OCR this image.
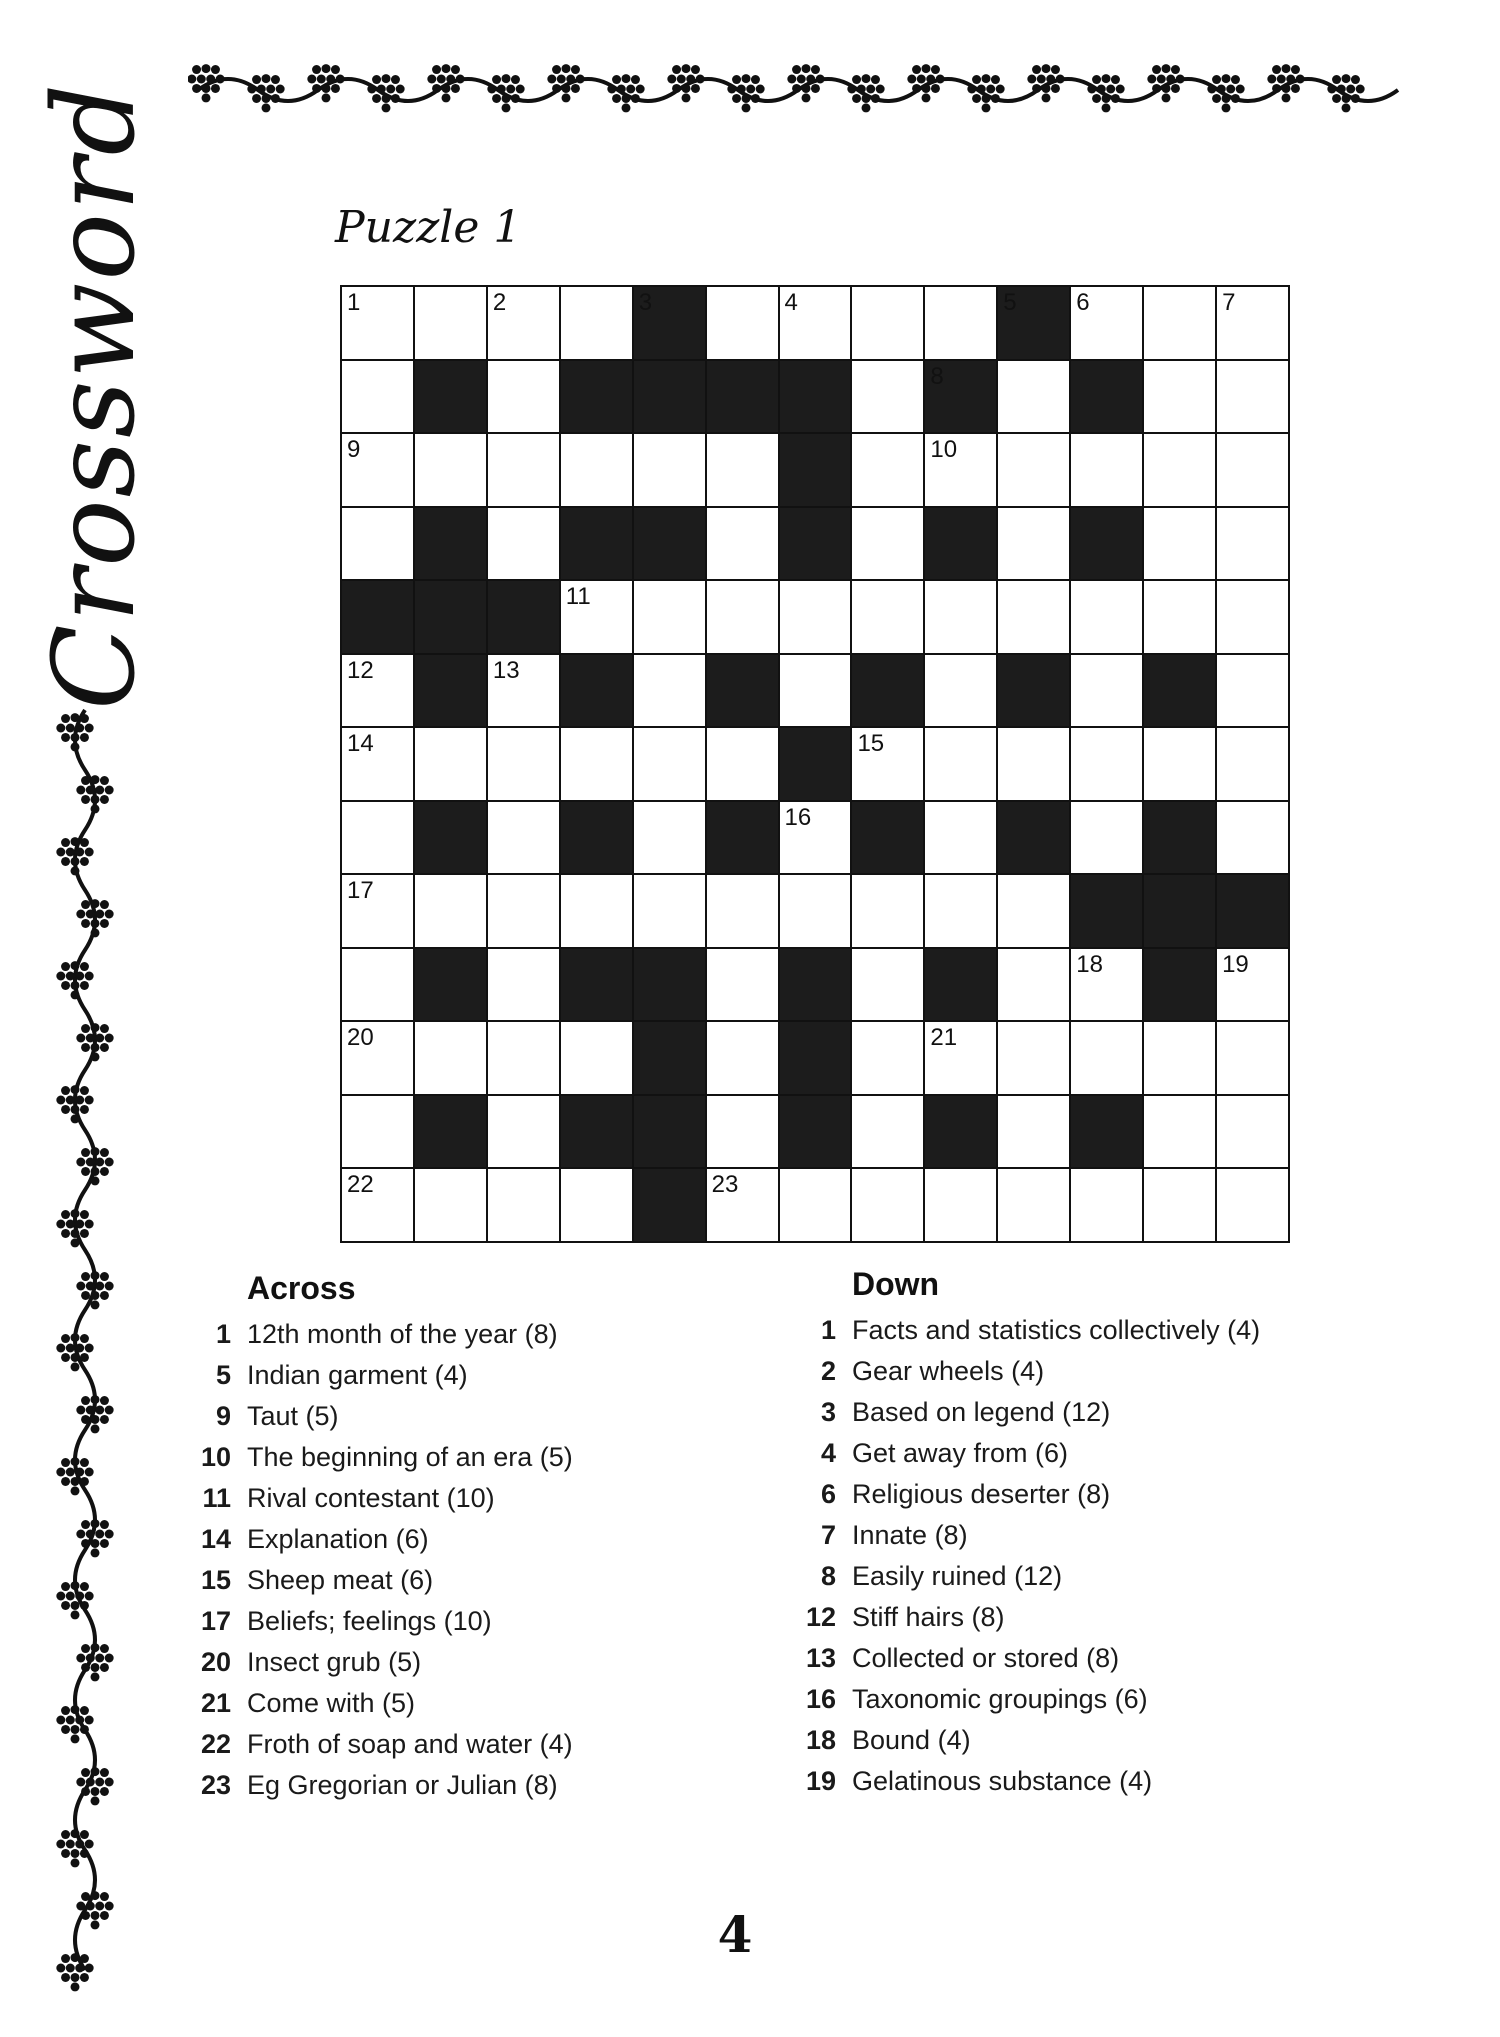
Crossword	Puzzle 1
1	2	3	4	5 6	7
8
9	10
11
12	13
14	15
16
17
18	19
20	21
22	23
Across
1 12th month of the year (8)
5 Indian garment (4)
9 Taut (5)
10 The beginning of an era (5)
11 Rival contestant (10)
14 Explanation (6)
15 Sheep meat (6)
17 Beliefs; feelings (10)
20 Insect grub (5)
21 Come with (5)
22 Froth of soap and water (4)
23 Eg Gregorian or Julian (8)
Down
1 Facts and statistics collectively (4)
2 Gear wheels (4)
3 Based on legend (12)
4 Get away from (6)
6 Religious deserter (8)
7 Innate (8)
8 Easily ruined (12)
12 Stiff hairs (8)
13 Collected or stored (8)
16 Taxonomic groupings (6)
18 Bound (4)
19 Gelatinous substance (4)
4
